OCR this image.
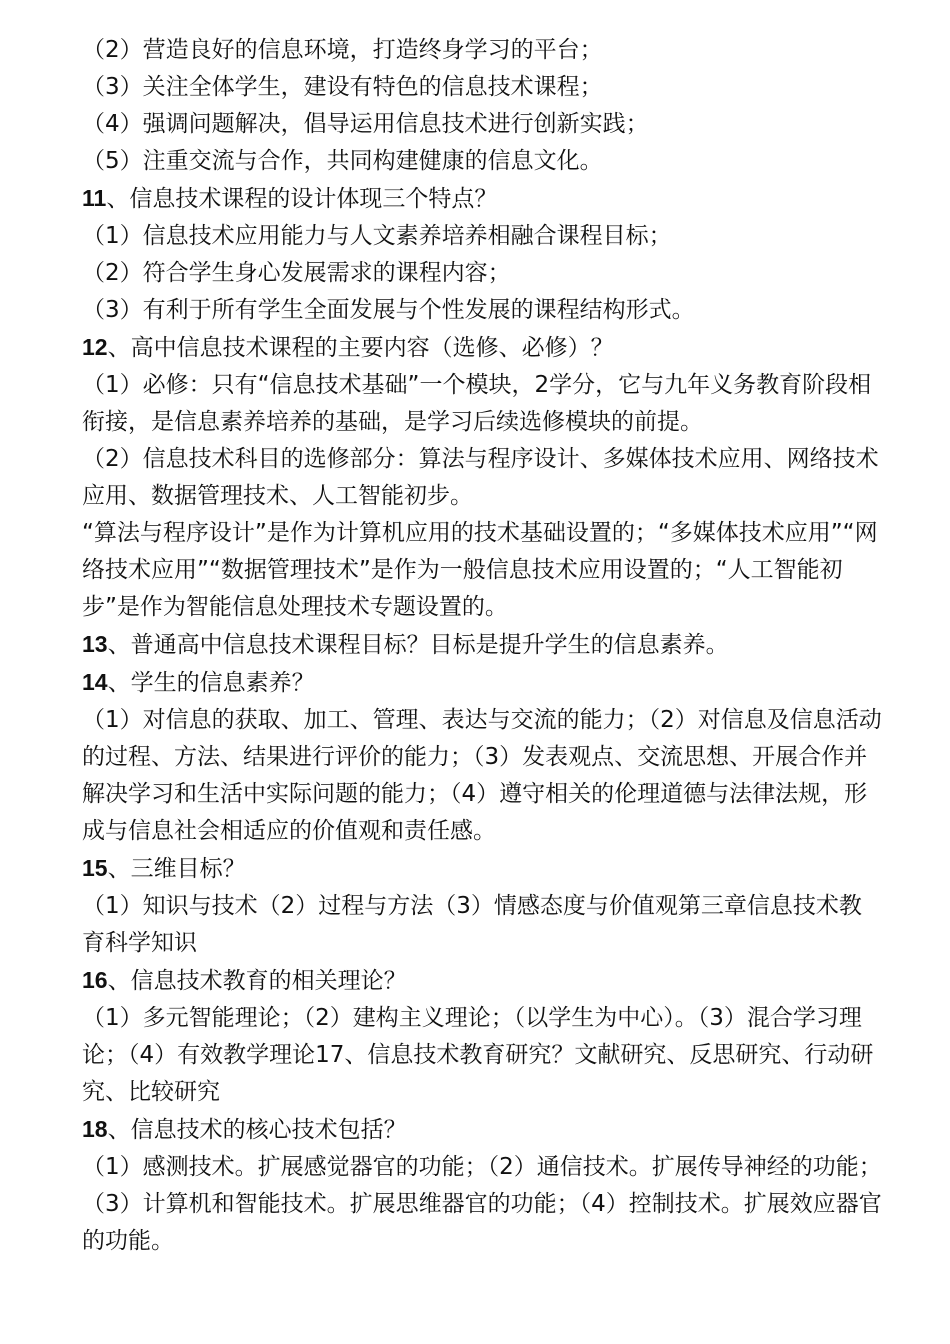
（2）营造良好的信息环境，打造终身学习的平台；

（3）关注全体学生，建设有特色的信息技术课程；

（4）强调问题解决，倡导运用信息技术进行创新实践；

（5）注重交流与合作，共同构建健康的信息文化。

11、信息技术课程的设计体现三个特点？

（1）信息技术应用能力与人文素养培养相融合课程目标；

（2）符合学生身心发展需求的课程内容；

（3）有利于所有学生全面发展与个性发展的课程结构形式。

12、高中信息技术课程的主要内容（选修、必修）？

（1）必修：只有“信息技术基础”一个模块，2学分，它与九年义务教育阶段相衔接，是信息素养培养的基础，是学习后续选修模块的前提。

（2）信息技术科目的选修部分：算法与程序设计、多媒体技术应用、网络技术应用、数据管理技术、人工智能初步。

“算法与程序设计”是作为计算机应用的技术基础设置的；“多媒体技术应用”“网络技术应用”“数据管理技术”是作为一般信息技术应用设置的；“人工智能初步”是作为智能信息处理技术专题设置的。

13、普通高中信息技术课程目标？目标是提升学生的信息素养。

14、学生的信息素养？

（1）对信息的获取、加工、管理、表达与交流的能力；（2）对信息及信息活动的过程、方法、结果进行评价的能力；（3）发表观点、交流思想、开展合作并解决学习和生活中实际问题的能力；（4）遵守相关的伦理道德与法律法规，形成与信息社会相适应的价值观和责任感。

15、三维目标？

（1）知识与技术（2）过程与方法（3）情感态度与价值观第三章信息技术教育科学知识

16、信息技术教育的相关理论？

（1）多元智能理论；（2）建构主义理论；（以学生为中心）。（3）混合学习理论；（4）有效教学理论17、信息技术教育研究？文献研究、反思研究、行动研究、比较研究

18、信息技术的核心技术包括？

（1）感测技术。扩展感觉器官的功能；（2）通信技术。扩展传导神经的功能；（3）计算机和智能技术。扩展思维器官的功能；（4）控制技术。扩展效应器官的功能。
